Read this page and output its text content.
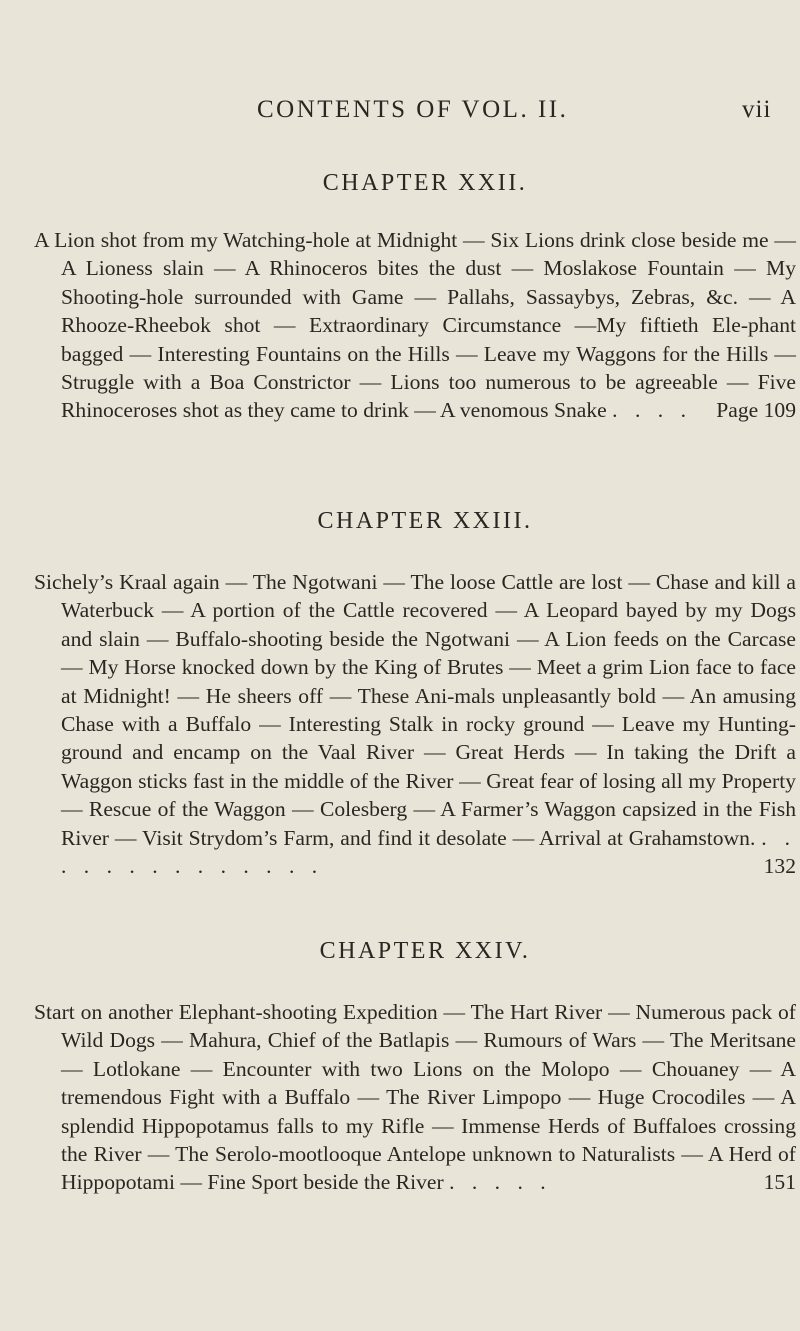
CONTENTS OF VOL. II.	vii
CHAPTER XXII.
A Lion shot from my Watching-hole at Midnight — Six Lions drink close beside me — A Lioness slain — A Rhinoceros bites the dust — Moslakose Fountain — My Shooting-hole surrounded with Game — Pallahs, Sassaybys, Zebras, &c. — A Rhooze-Rheebok shot — Extraordinary Circumstance —My fiftieth Ele-phant bagged — Interesting Fountains on the Hills — Leave my Waggons for the Hills — Struggle with a Boa Constrictor — Lions too numerous to be agreeable — Five Rhinoceroses shot as they came to drink — A venomous Snake . . . . Page 109
CHAPTER XXIII.
Sichely’s Kraal again — The Ngotwani — The loose Cattle are lost — Chase and kill a Waterbuck — A portion of the Cattle recovered — A Leopard bayed by my Dogs and slain — Buffalo-shooting beside the Ngotwani — A Lion feeds on the Carcase — My Horse knocked down by the King of Brutes — Meet a grim Lion face to face at Midnight! — He sheers off — These Ani-mals unpleasantly bold — An amusing Chase with a Buffalo — Interesting Stalk in rocky ground — Leave my Hunting-ground and encamp on the Vaal River — Great Herds — In taking the Drift a Waggon sticks fast in the middle of the River — Great fear of losing all my Property — Rescue of the Waggon — Colesberg — A Farmer’s Waggon capsized in the Fish River — Visit Strydom’s Farm, and find it desolate — Arrival at Grahamstown. . . . . . . . . . . . . . .	132
CHAPTER XXIV.
Start on another Elephant-shooting Expedition — The Hart River — Numerous pack of Wild Dogs — Mahura, Chief of the Batlapis — Rumours of Wars — The Meritsane — Lotlokane — Encounter with two Lions on the Molopo — Chouaney — A tremendous Fight with a Buffalo — The River Limpopo — Huge Crocodiles — A splendid Hippopotamus falls to my Rifle — Immense Herds of Buffaloes crossing the River — The Serolo-mootlooque Antelope unknown to Naturalists — A Herd of Hippopotami — Fine Sport beside the River . . . . .	151
